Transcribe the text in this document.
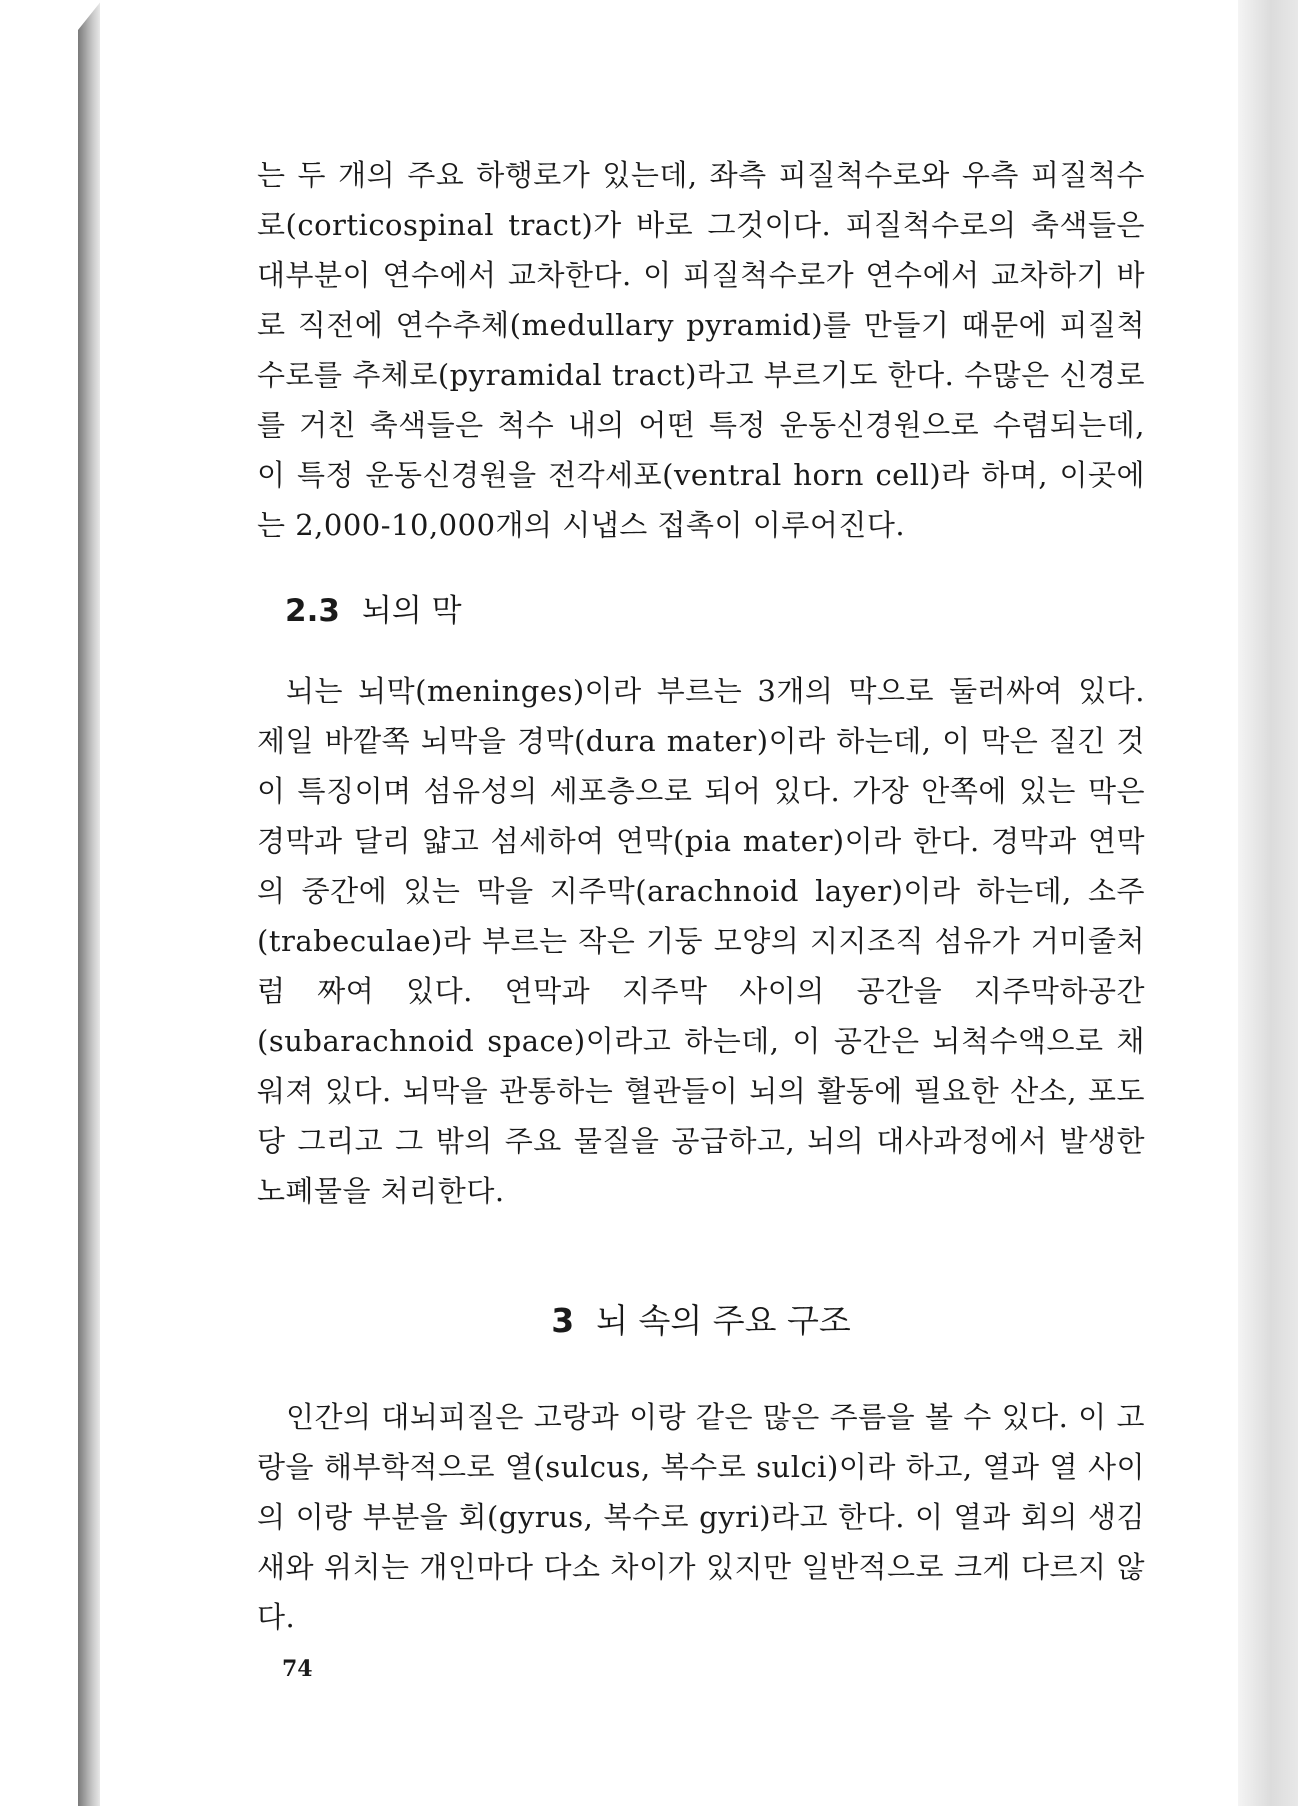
는 두 개의 주요 하행로가 있는데, 좌측 피질척수로와 우측 피질척수로(corticospinal tract)가 바로 그것이다. 피질척수로의 축색들은 대부분이 연수에서 교차한다. 이 피질척수로가 연수에서 교차하기 바로 직전에 연수추체(medullary pyramid)를 만들기 때문에 피질척수로를 추체로(pyramidal tract)라고 부르기도 한다. 수많은 신경로를 거친 축색들은 척수 내의 어떤 특정 운동신경원으로 수렴되는데, 이 특정 운동신경원을 전각세포(ventral horn cell)라 하며, 이곳에는 2,000-10,000개의 시냅스 접촉이 이루어진다.

2.3 뇌의 막

뇌는 뇌막(meninges)이라 부르는 3개의 막으로 둘러싸여 있다. 제일 바깥쪽 뇌막을 경막(dura mater)이라 하는데, 이 막은 질긴 것이 특징이며 섬유성의 세포층으로 되어 있다. 가장 안쪽에 있는 막은 경막과 달리 얇고 섬세하여 연막(pia mater)이라 한다. 경막과 연막의 중간에 있는 막을 지주막(arachnoid layer)이라 하는데, 소주(trabeculae)라 부르는 작은 기둥 모양의 지지조직 섬유가 거미줄처럼 짜여 있다. 연막과 지주막 사이의 공간을 지주막하공간(subarachnoid space)이라고 하는데, 이 공간은 뇌척수액으로 채워져 있다. 뇌막을 관통하는 혈관들이 뇌의 활동에 필요한 산소, 포도당 그리고 그 밖의 주요 물질을 공급하고, 뇌의 대사과정에서 발생한 노폐물을 처리한다.

3 뇌 속의 주요 구조

인간의 대뇌피질은 고랑과 이랑 같은 많은 주름을 볼 수 있다. 이 고랑을 해부학적으로 열(sulcus, 복수로 sulci)이라 하고, 열과 열 사이의 이랑 부분을 회(gyrus, 복수로 gyri)라고 한다. 이 열과 회의 생김새와 위치는 개인마다 다소 차이가 있지만 일반적으로 크게 다르지 않다.

74
